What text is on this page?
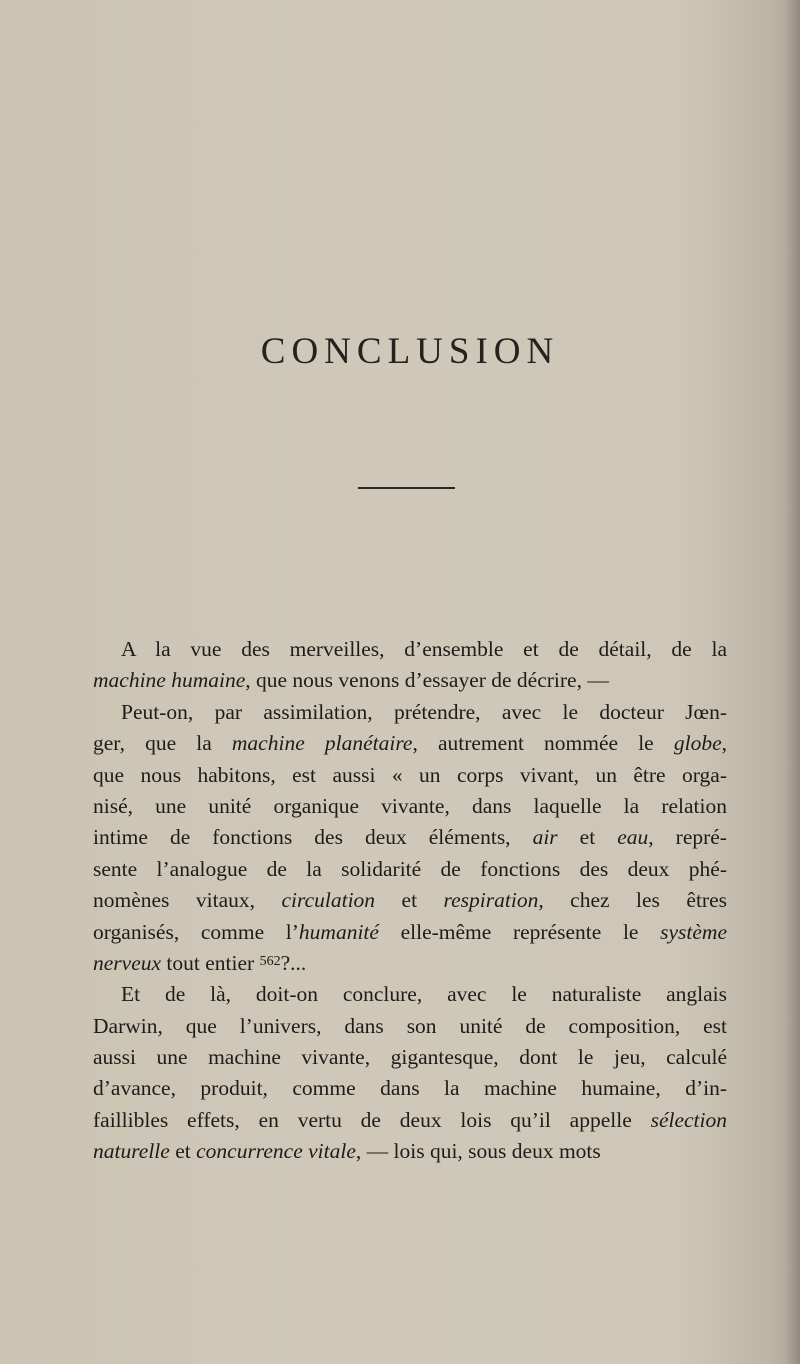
CONCLUSION
A la vue des merveilles, d’ensemble et de détail, de la
machine humaine, que nous venons d’essayer de décrire, —
Peut-on, par assimilation, prétendre, avec le docteur Jœn-
ger, que la machine planétaire, autrement nommée le globe,
que nous habitons, est aussi « un corps vivant, un être orga-
nisé, une unité organique vivante, dans laquelle la relation
intime de fonctions des deux éléments, air et eau, repré-
sente l’analogue de la solidarité de fonctions des deux phé-
nomènes vitaux, circulation et respiration, chez les êtres
organisés, comme l’humanité elle-même représente le système
nerveux tout entier $^{562}$?...
Et de là, doit-on conclure, avec le naturaliste anglais
Darwin, que l’univers, dans son unité de composition, est
aussi une machine vivante, gigantesque, dont le jeu, calculé
d’avance, produit, comme dans la machine humaine, d’in-
faillibles effets, en vertu de deux lois qu’il appelle sélection
naturelle et concurrence vitale, — lois qui, sous deux mots
